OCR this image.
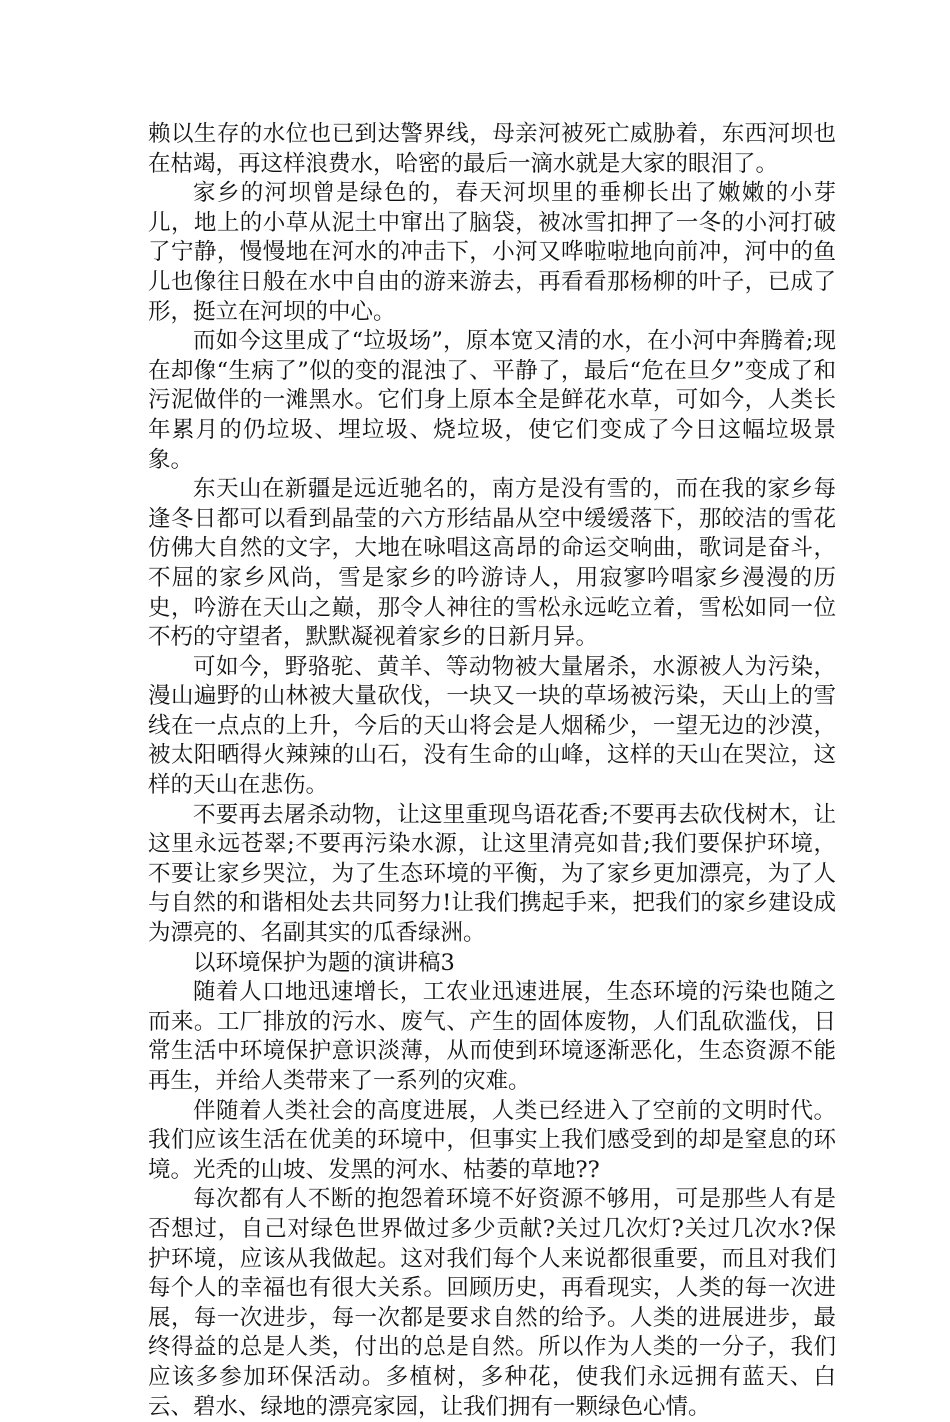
赖以生存的水位也已到达警界线，母亲河被死亡威胁着，东西河坝也在枯竭，再这样浪费水，哈密的最后一滴水就是大家的眼泪了。

家乡的河坝曾是绿色的，春天河坝里的垂柳长出了嫩嫩的小芽儿，地上的小草从泥土中窜出了脑袋，被冰雪扣押了一冬的小河打破了宁静，慢慢地在河水的冲击下，小河又哗啦啦地向前冲，河中的鱼儿也像往日般在水中自由的游来游去，再看看那杨柳的叶子，已成了形，挺立在河坝的中心。

而如今这里成了“垃圾场”，原本宽又清的水，在小河中奔腾着;现在却像“生病了”似的变的混浊了、平静了，最后“危在旦夕”变成了和污泥做伴的一滩黑水。它们身上原本全是鲜花水草，可如今，人类长年累月的仍垃圾、埋垃圾、烧垃圾，使它们变成了今日这幅垃圾景象。

东天山在新疆是远近驰名的，南方是没有雪的，而在我的家乡每逢冬日都可以看到晶莹的六方形结晶从空中缓缓落下，那皎洁的雪花仿佛大自然的文字，大地在咏唱这高昂的命运交响曲，歌词是奋斗，不屈的家乡风尚，雪是家乡的吟游诗人，用寂寥吟唱家乡漫漫的历史，吟游在天山之巅，那令人神往的雪松永远屹立着，雪松如同一位不朽的守望者，默默凝视着家乡的日新月异。

可如今，野骆驼、黄羊、等动物被大量屠杀，水源被人为污染，漫山遍野的山林被大量砍伐，一块又一块的草场被污染，天山上的雪线在一点点的上升，今后的天山将会是人烟稀少，一望无边的沙漠，被太阳晒得火辣辣的山石，没有生命的山峰，这样的天山在哭泣，这样的天山在悲伤。

不要再去屠杀动物，让这里重现鸟语花香;不要再去砍伐树木，让这里永远苍翠;不要再污染水源，让这里清亮如昔;我们要保护环境，不要让家乡哭泣，为了生态环境的平衡，为了家乡更加漂亮，为了人与自然的和谐相处去共同努力!让我们携起手来，把我们的家乡建设成为漂亮的、名副其实的瓜香绿洲。

以环境保护为题的演讲稿3

随着人口地迅速增长，工农业迅速进展，生态环境的污染也随之而来。工厂排放的污水、废气、产生的固体废物，人们乱砍滥伐，日常生活中环境保护意识淡薄，从而使到环境逐渐恶化，生态资源不能再生，并给人类带来了一系列的灾难。

伴随着人类社会的高度进展，人类已经进入了空前的文明时代。我们应该生活在优美的环境中，但事实上我们感受到的却是窒息的环境。光秃的山坡、发黑的河水、枯萎的草地??

每次都有人不断的抱怨着环境不好资源不够用，可是那些人有是否想过，自己对绿色世界做过多少贡献?关过几次灯?关过几次水?保护环境，应该从我做起。这对我们每个人来说都很重要，而且对我们每个人的幸福也有很大关系。回顾历史，再看现实，人类的每一次进展，每一次进步，每一次都是要求自然的给予。人类的进展进步，最终得益的总是人类，付出的总是自然。所以作为人类的一分子，我们应该多参加环保活动。多植树，多种花，使我们永远拥有蓝天、白云、碧水、绿地的漂亮家园，让我们拥有一颗绿色心情。
